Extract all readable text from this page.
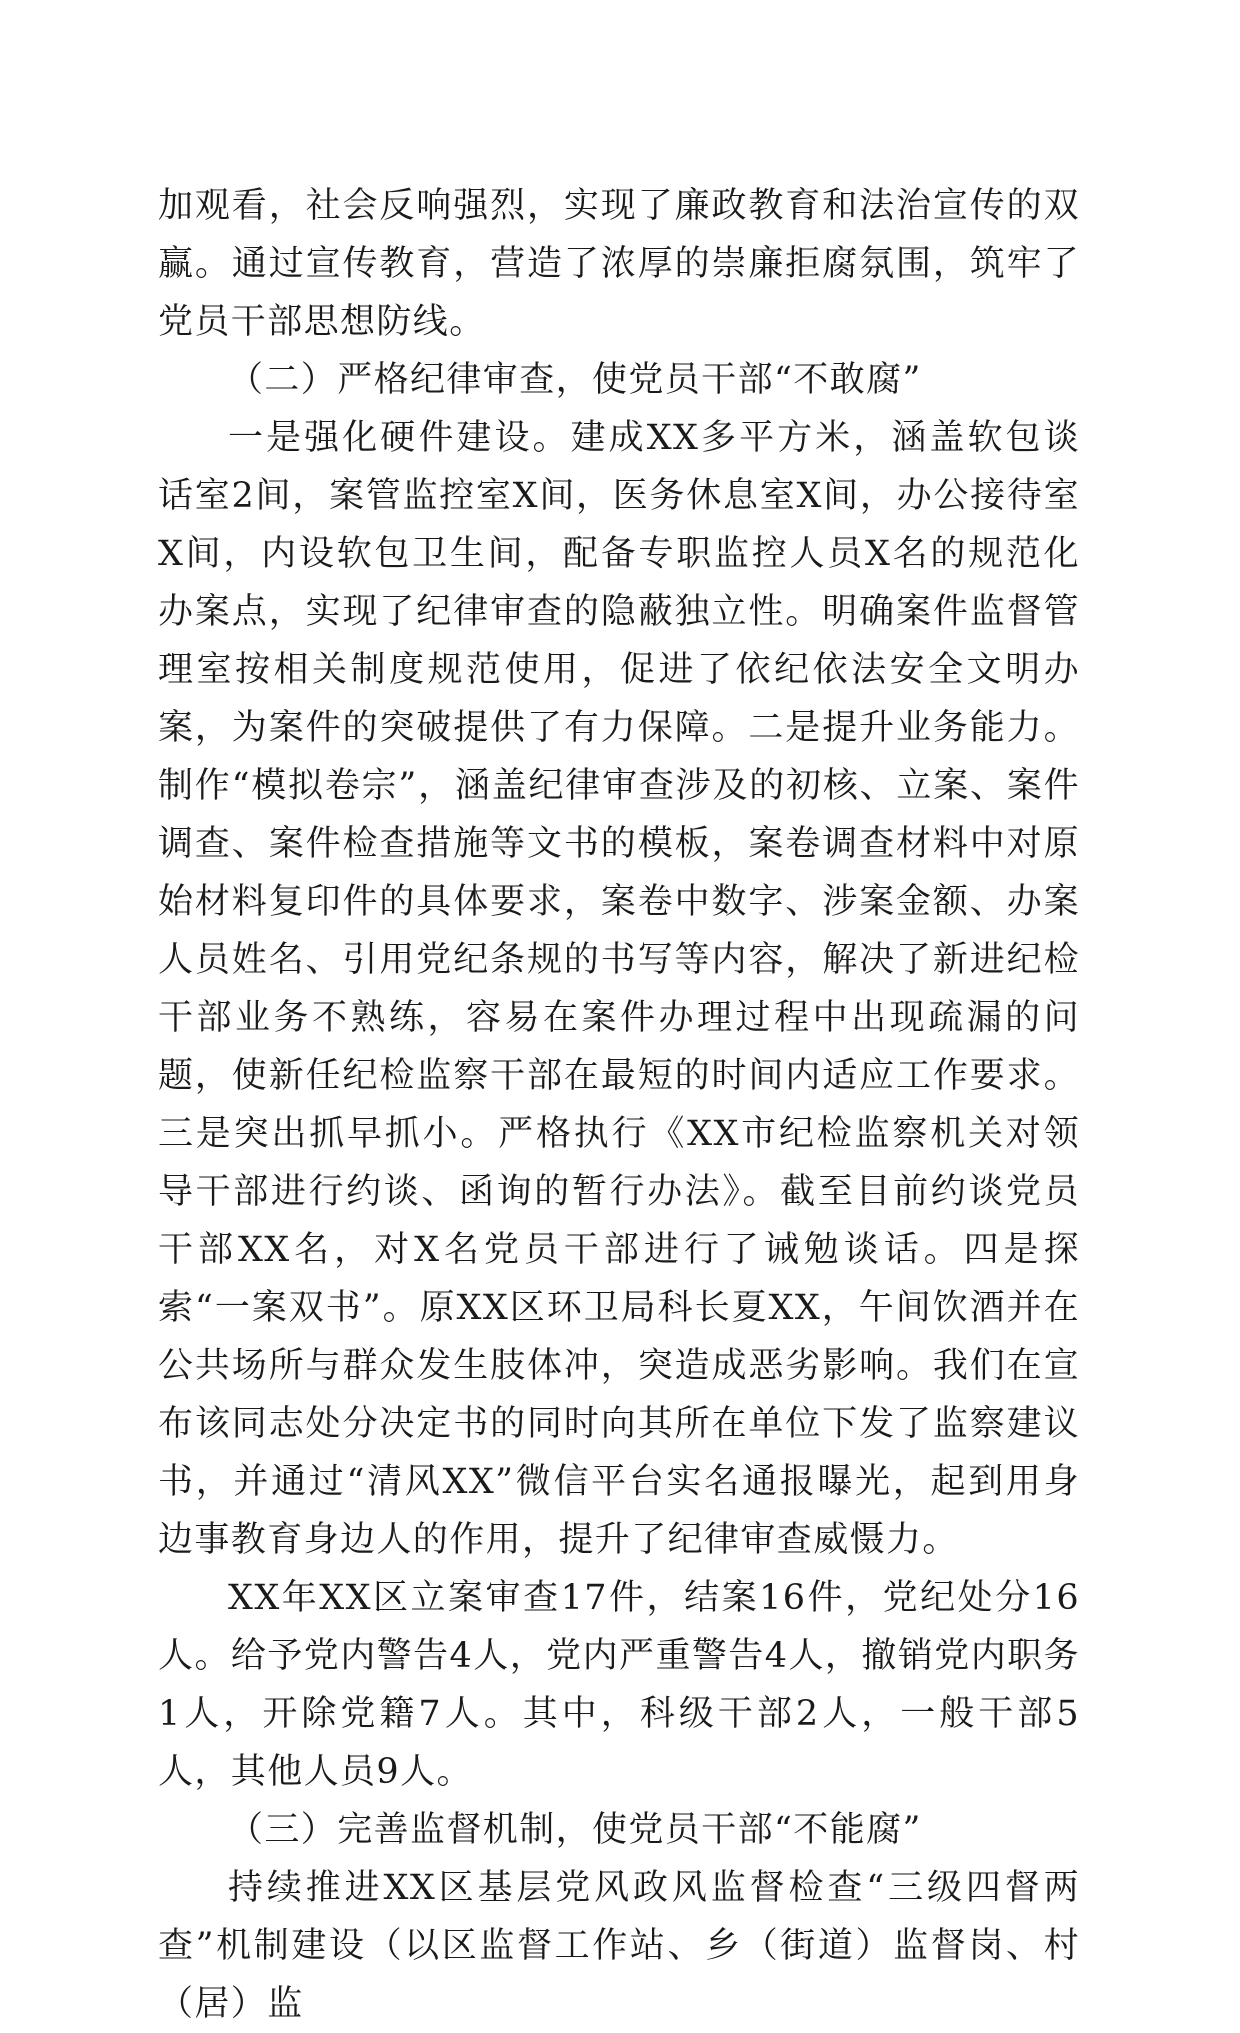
加观看，社会反响强烈，实现了廉政教育和法治宣传的双赢。通过宣传教育，营造了浓厚的崇廉拒腐氛围，筑牢了党员干部思想防线。

（二）严格纪律审查，使党员干部“不敢腐”

一是强化硬件建设。建成XX多平方米，涵盖软包谈话室2间，案管监控室X间，医务休息室X间，办公接待室X间，内设软包卫生间，配备专职监控人员X名的规范化办案点，实现了纪律审查的隐蔽独立性。明确案件监督管理室按相关制度规范使用，促进了依纪依法安全文明办案，为案件的突破提供了有力保障。二是提升业务能力。制作“模拟卷宗”，涵盖纪律审查涉及的初核、立案、案件调查、案件检查措施等文书的模板，案卷调查材料中对原始材料复印件的具体要求，案卷中数字、涉案金额、办案人员姓名、引用党纪条规的书写等内容，解决了新进纪检干部业务不熟练，容易在案件办理过程中出现疏漏的问题，使新任纪检监察干部在最短的时间内适应工作要求。三是突出抓早抓小。严格执行《XX市纪检监察机关对领导干部进行约谈、函询的暂行办法》。截至目前约谈党员干部XX名，对X名党员干部进行了诫勉谈话。四是探索“一案双书”。原XX区环卫局科长夏XX，午间饮酒并在公共场所与群众发生肢体冲，突造成恶劣影响。我们在宣布该同志处分决定书的同时向其所在单位下发了监察建议书，并通过“清风XX”微信平台实名通报曝光，起到用身边事教育身边人的作用，提升了纪律审查威慑力。

XX年XX区立案审查17件，结案16件，党纪处分16人。给予党内警告4人，党内严重警告4人，撤销党内职务1人，开除党籍7人。其中，科级干部2人，一般干部5人，其他人员9人。

（三）完善监督机制，使党员干部“不能腐”

持续推进XX区基层党风政风监督检查“三级四督两查”机制建设（以区监督工作站、乡（街道）监督岗、村（居）监
